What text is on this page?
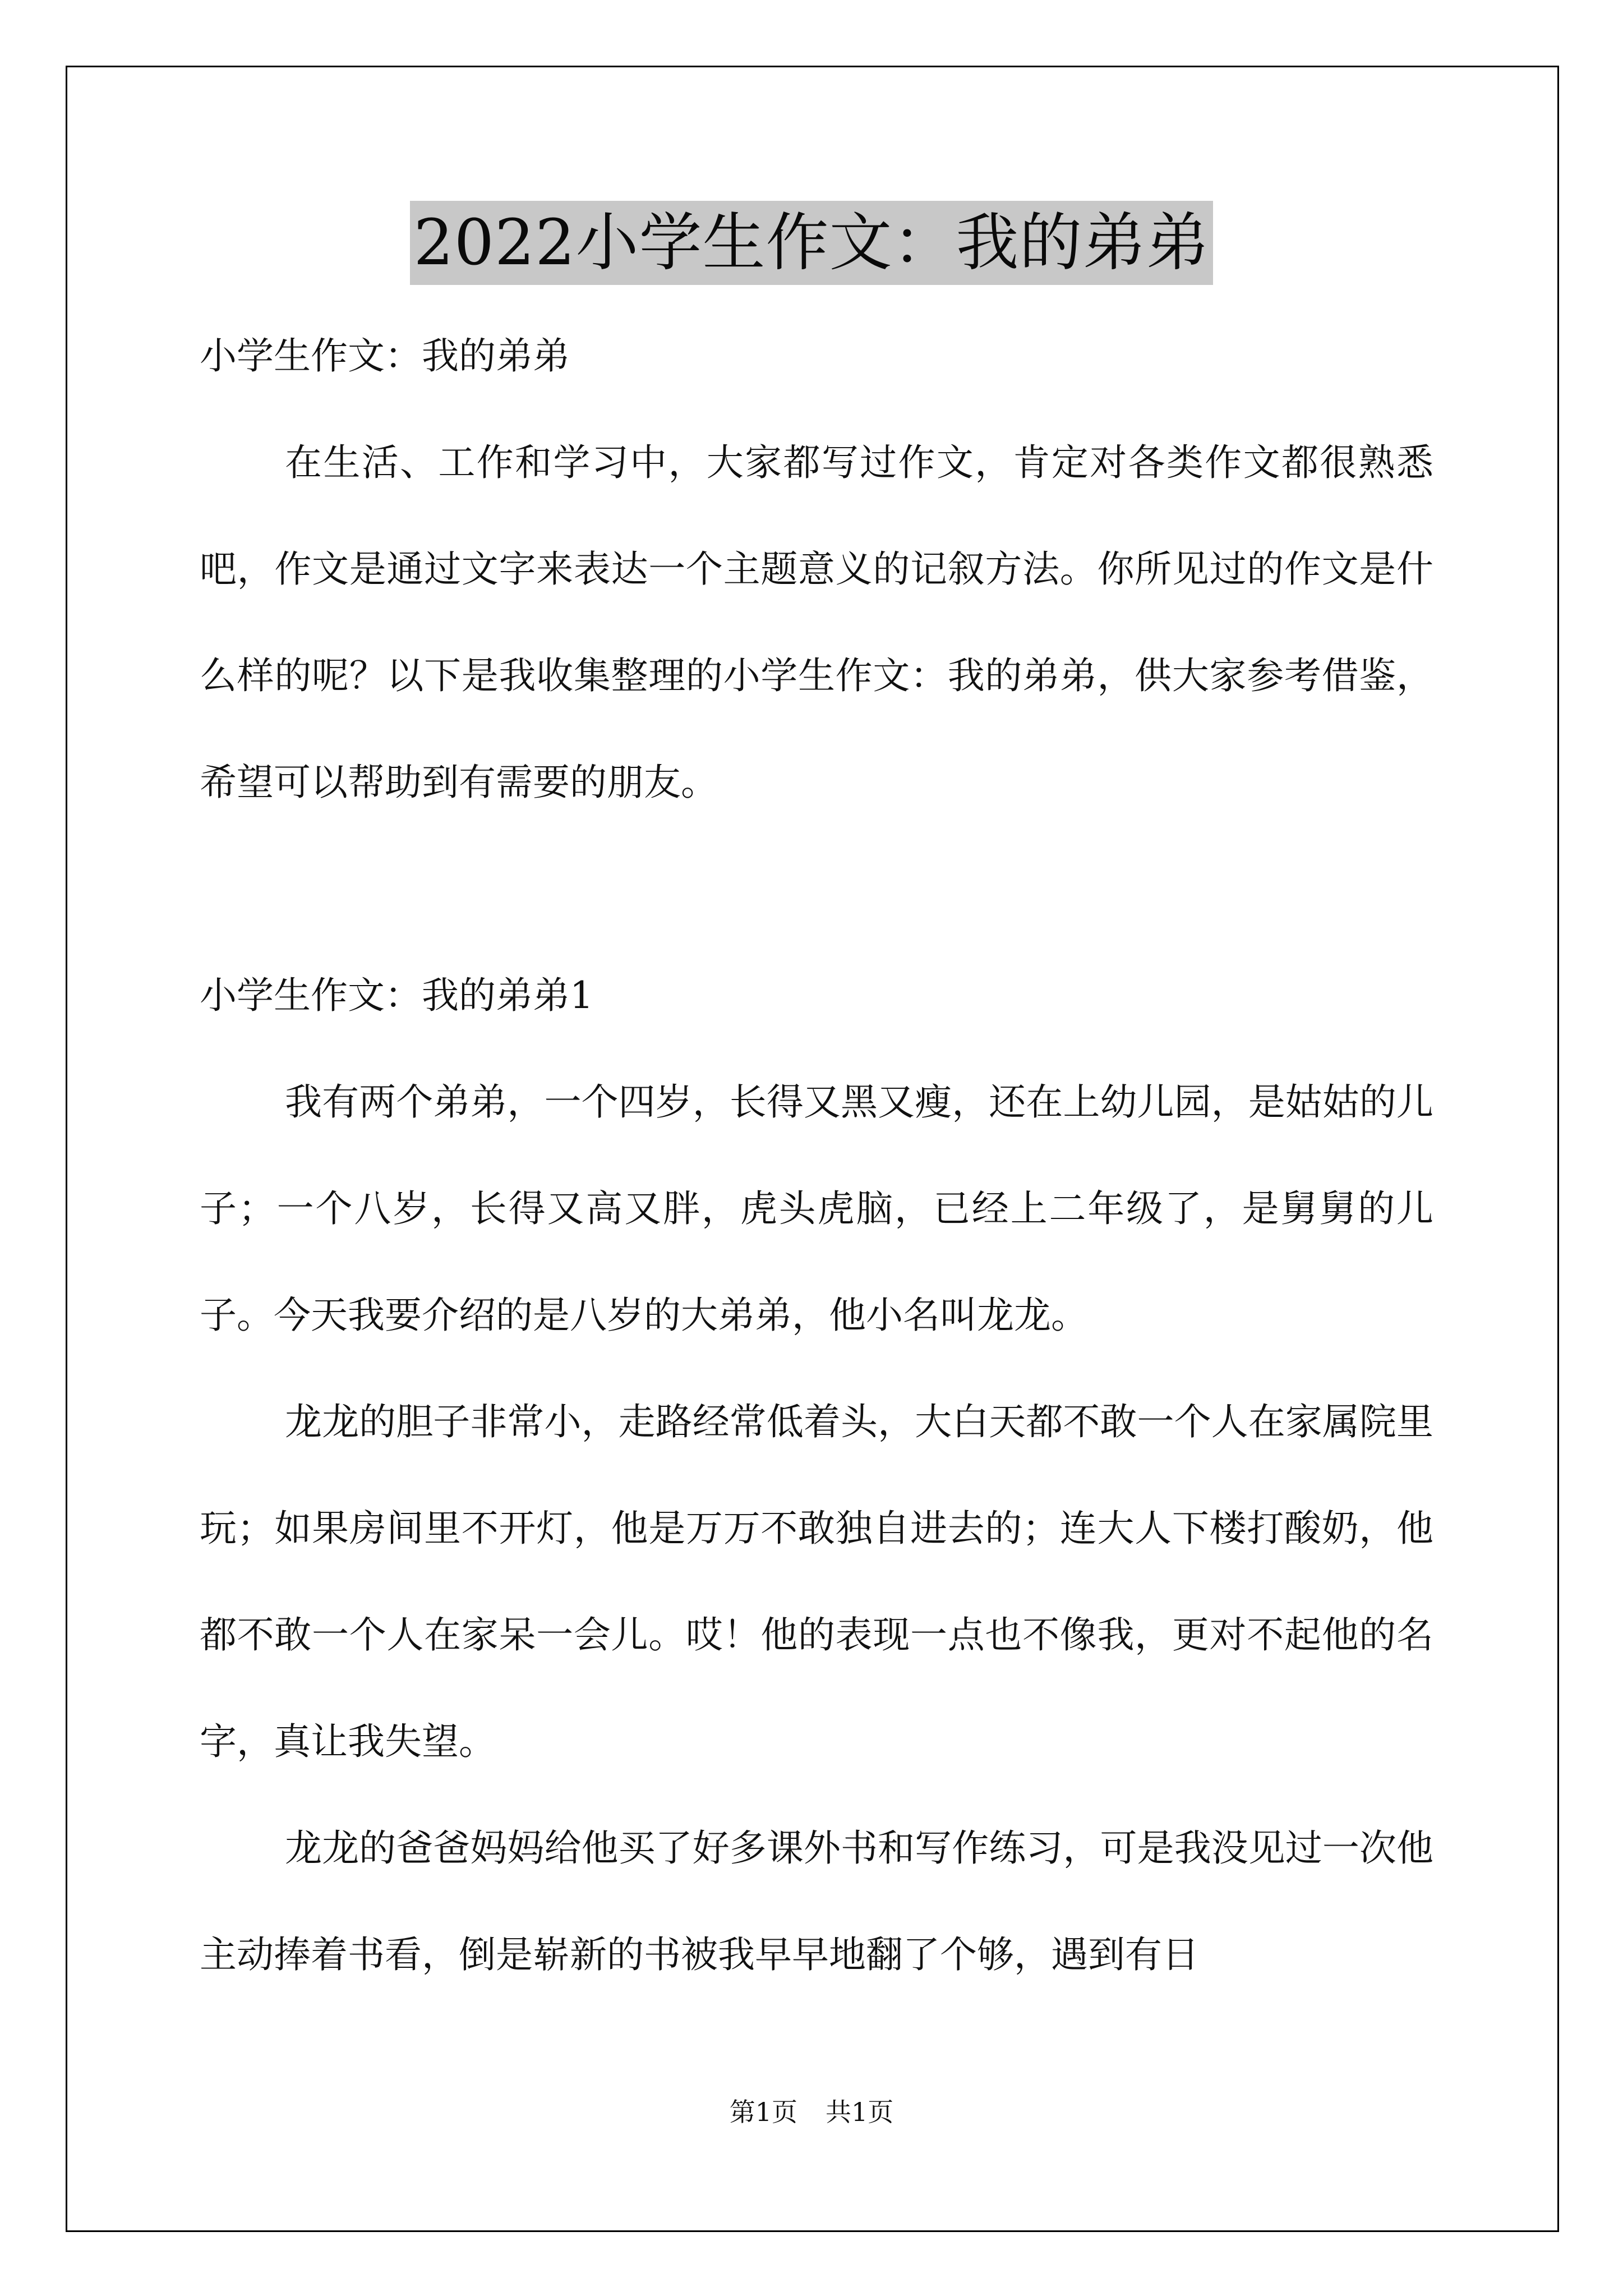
2022小学生作文：我的弟弟
小学生作文：我的弟弟

在生活、工作和学习中，大家都写过作文，肯定对各类作文都很熟悉吧，作文是通过文字来表达一个主题意义的记叙方法。你所见过的作文是什么样的呢？以下是我收集整理的小学生作文：我的弟弟，供大家参考借鉴，希望可以帮助到有需要的朋友。

小学生作文：我的弟弟1

我有两个弟弟，一个四岁，长得又黑又瘦，还在上幼儿园，是姑姑的儿子；一个八岁，长得又高又胖，虎头虎脑，已经上二年级了，是舅舅的儿子。今天我要介绍的是八岁的大弟弟，他小名叫龙龙。

龙龙的胆子非常小，走路经常低着头，大白天都不敢一个人在家属院里玩；如果房间里不开灯，他是万万不敢独自进去的；连大人下楼打酸奶，他都不敢一个人在家呆一会儿。哎！他的表现一点也不像我，更对不起他的名字，真让我失望。

龙龙的爸爸妈妈给他买了好多课外书和写作练习，可是我没见过一次他主动捧着书看，倒是崭新的书被我早早地翻了个够，遇到有日

第1页 共1页
